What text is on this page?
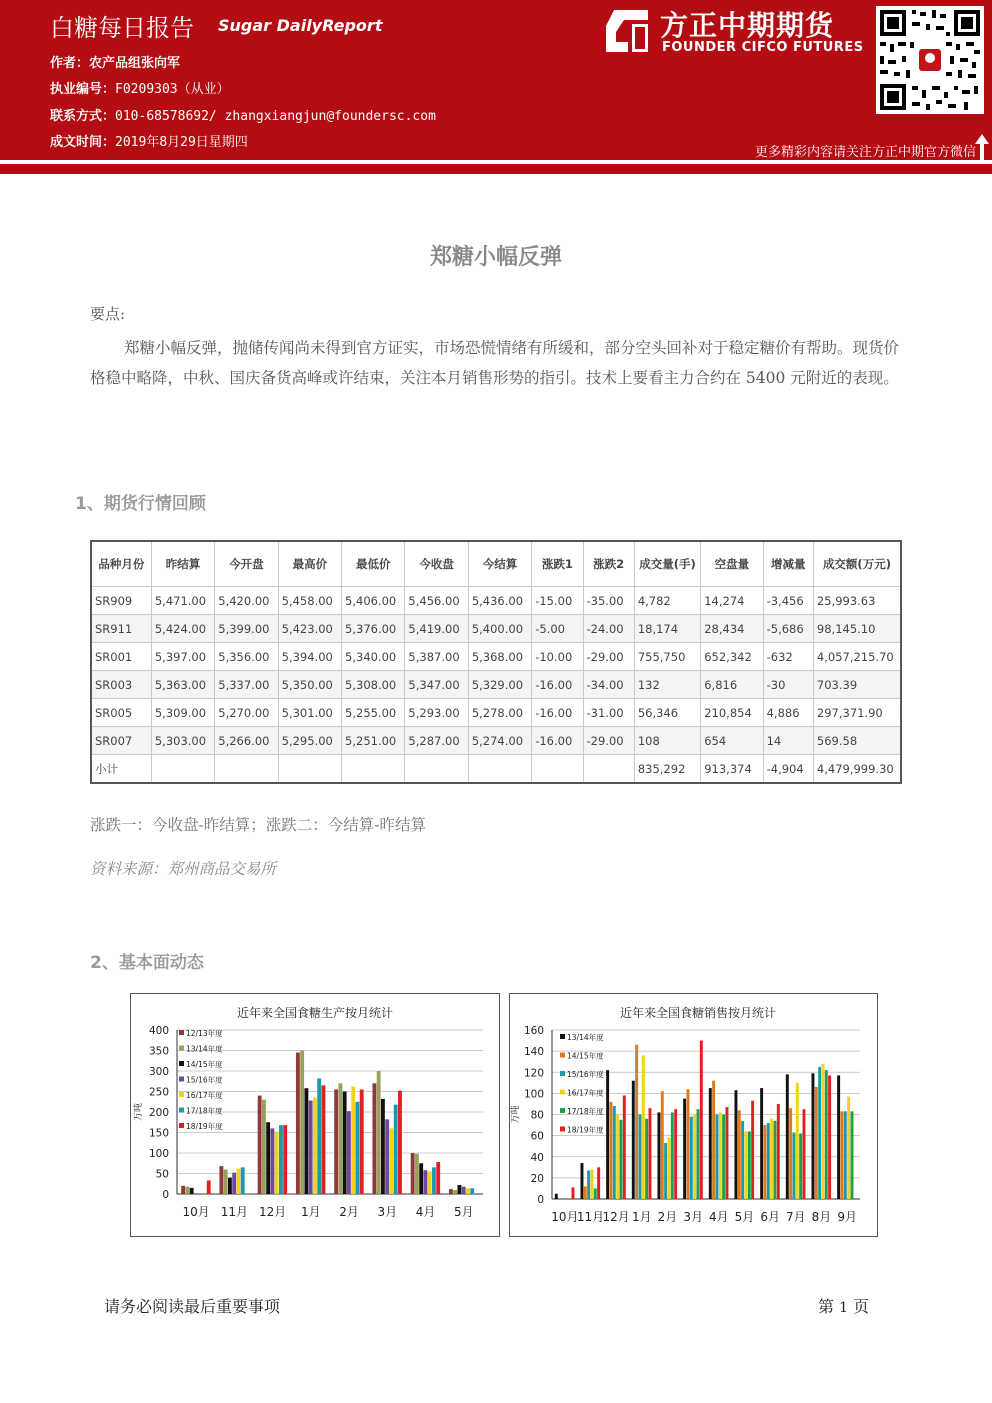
白糖每日报告 Sugar DailyReport
作者：农产品组张向军
执业编号：F0209303（从业）
联系方式：010-68578692/ zhangxiangjun@foundersc.com
成文时间：2019年8月29日星期四
方正中期期货
FOUNDER CIFCO FUTURES
更多精彩内容请关注方正中期官方微信
郑糖小幅反弹
要点:
郑糖小幅反弹，抛储传闻尚未得到官方证实，市场恐慌情绪有所缓和，部分空头回补对于稳定糖价有帮助。现货价格稳中略降，中秋、国庆备货高峰或许结束，关注本月销售形势的指引。技术上要看主力合约在 5400 元附近的表现。
1、期货行情回顾
品种月份	昨结算	今开盘	最高价	最低价	今收盘	今结算	涨跌1	涨跌2	成交量(手)	空盘量	增减量	成交额(万元)
SR909	5,471.00	5,420.00	5,458.00	5,406.00	5,456.00	5,436.00	-15.00	-35.00	4,782	14,274	-3,456	25,993.63
SR911	5,424.00	5,399.00	5,423.00	5,376.00	5,419.00	5,400.00	-5.00	-24.00	18,174	28,434	-5,686	98,145.10
SR001	5,397.00	5,356.00	5,394.00	5,340.00	5,387.00	5,368.00	-10.00	-29.00	755,750	652,342	-632	4,057,215.70
SR003	5,363.00	5,337.00	5,350.00	5,308.00	5,347.00	5,329.00	-16.00	-34.00	132	6,816	-30	703.39
SR005	5,309.00	5,270.00	5,301.00	5,255.00	5,293.00	5,278.00	-16.00	-31.00	56,346	210,854	4,886	297,371.90
SR007	5,303.00	5,266.00	5,295.00	5,251.00	5,287.00	5,274.00	-16.00	-29.00	108	654	14	569.58
小计									835,292	913,374	-4,904	4,479,999.30
涨跌一：今收盘-昨结算；涨跌二：今结算-昨结算
资料来源：郑州商品交易所
2、基本面动态
近年来全国食糖生产按月统计
0
50
100
150
200
250
300
350
400
万吨
10月 11月 12月 1月 2月 3月 4月 5月
12/13年度
13/14年度
14/15年度
15/16年度
16/17年度
17/18年度
18/19年度
近年来全国食糖销售按月统计
0
20
40
60
80
100
120
140
160
万吨
10月
11月
12月 1月 2月 3月 4月 5月 6月 7月 8月 9月
13/14年度
14/15年度
15/16年度
16/17年度
17/18年度
18/19年度
请务必阅读最后重要事项	第 1 页
